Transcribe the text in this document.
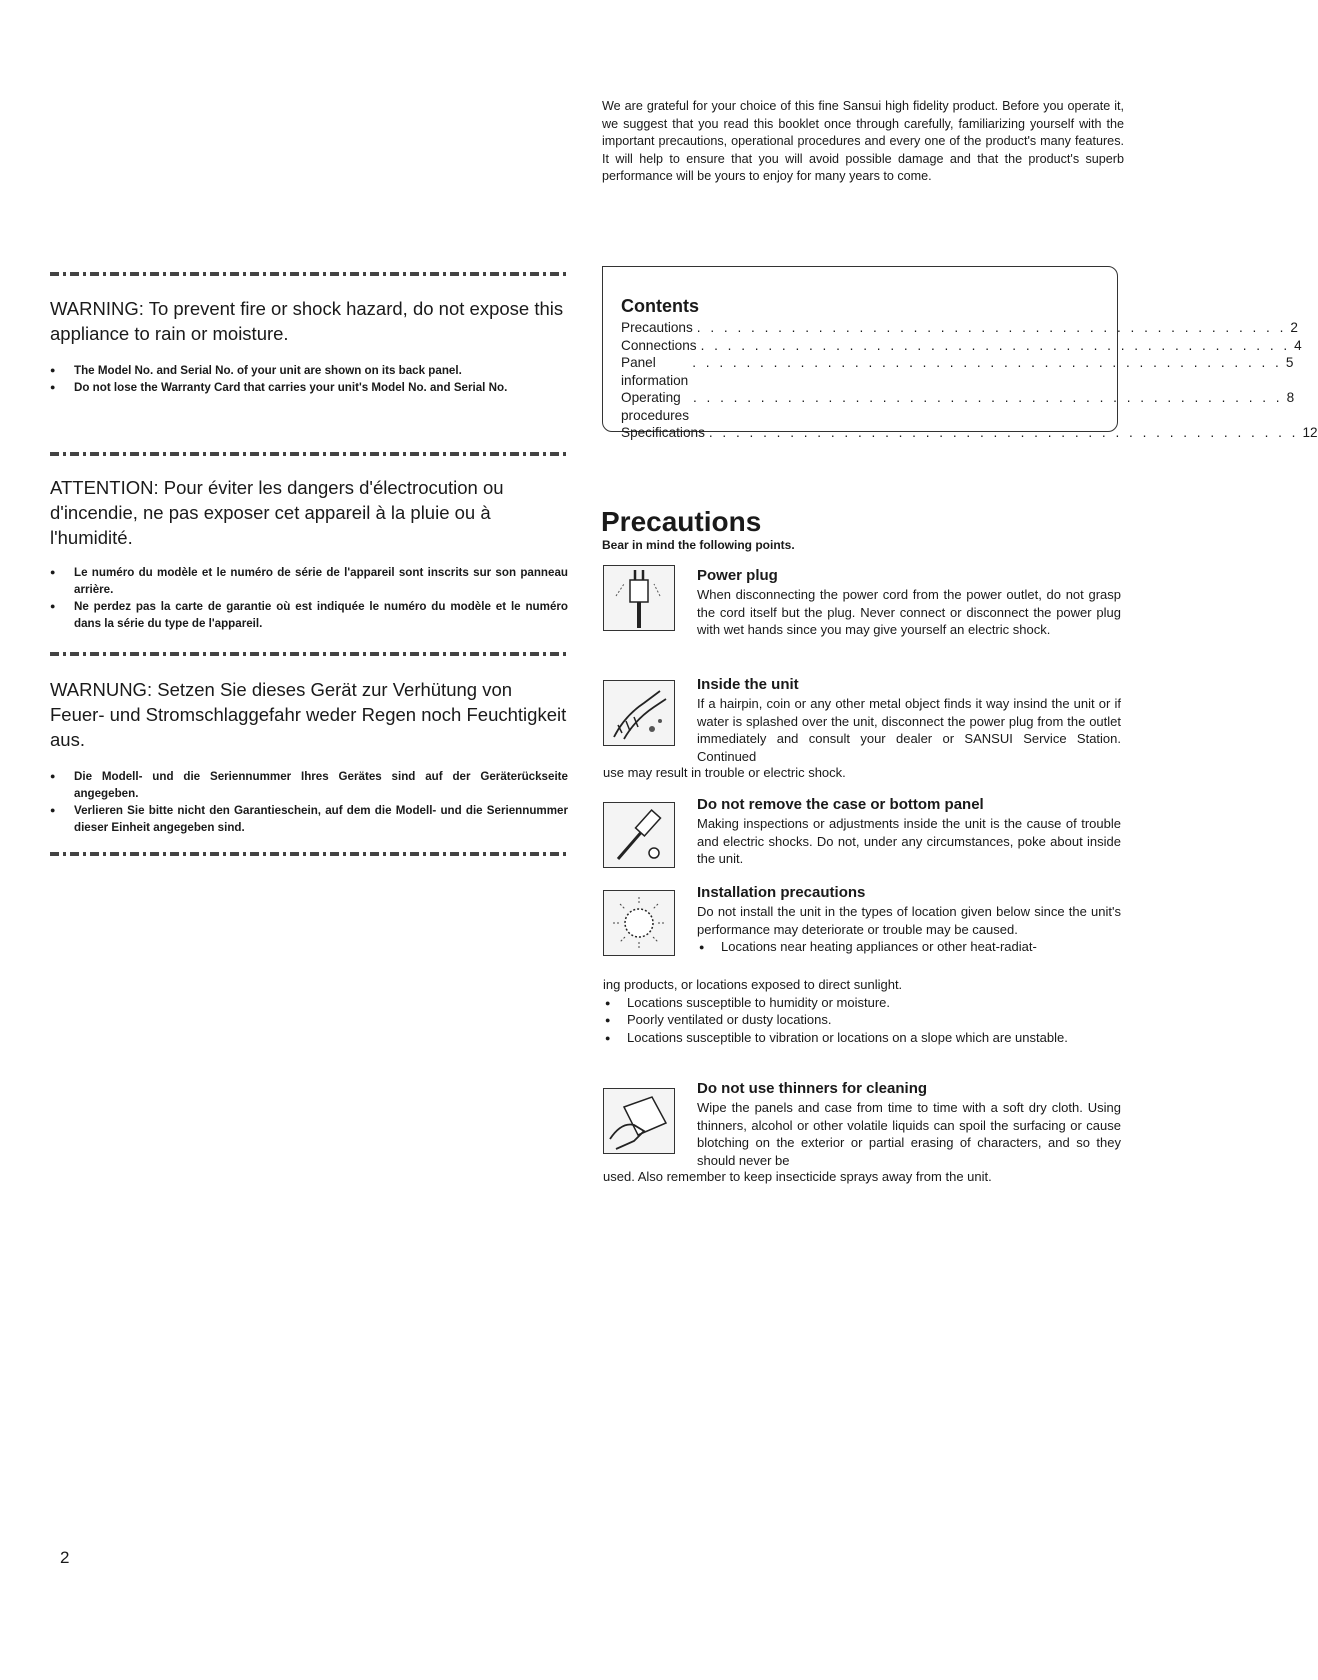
We are grateful for your choice of this fine Sansui high fidelity product. Before you operate it, we suggest that you read this booklet once through carefully, familiarizing yourself with the important precautions, operational procedures and every one of the product's many features. It will help to ensure that you will avoid possible damage and that the product's superb performance will be yours to enjoy for many years to come.
WARNING: To prevent fire or shock hazard, do not expose this appliance to rain or moisture.
● The Model No. and Serial No. of your unit are shown on its back panel.
● Do not lose the Warranty Card that carries your unit's Model No. and Serial No.
ATTENTION: Pour éviter les dangers d'électrocution ou d'incendie, ne pas exposer cet appareil à la pluie ou à l'humidité.
● Le numéro du modèle et le numéro de série de l'appareil sont inscrits sur son panneau arrière.
● Ne perdez pas la carte de garantie où est indiquée le numéro du modèle et le numéro dans la série du type de l'appareil.
WARNUNG: Setzen Sie dieses Gerät zur Verhütung von Feuer- und Stromschlaggefahr weder Regen noch Feuchtigkeit aus.
● Die Modell- und die Seriennummer Ihres Gerätes sind auf der Geräterückseite angegeben.
● Verlieren Sie bitte nicht den Garantieschein, auf dem die Modell- und die Seriennummer dieser Einheit angegeben sind.
Contents
Precautions . . . . . . . . . . . . . . . . . . . . . . . . . . . . . . . . . . . . . . . . . . . . 2
Connections . . . . . . . . . . . . . . . . . . . . . . . . . . . . . . . . . . . . . . . . . . . . 4
Panel information
. . . . . . . . . . . . . . . . . . . . . . . . . . . . . . . . . . . . . . . . . . . . 5
Operating procedures
. . . . . . . . . . . . . . . . . . . . . . . . . . . . . . . . . . . . . . . . . . . . 8
Specifications . . . . . . . . . . . . . . . . . . . . . . . . . . . . . . . . . . . . . . . . . . . . 12
Precautions
Bear in mind the following points.
Power plug
When disconnecting the power cord from the power outlet, do not grasp the cord itself but the plug. Never connect or disconnect the power plug with wet hands since you may give yourself an electric shock.
Inside the unit
If a hairpin, coin or any other metal object finds it way insind the unit or if water is splashed over the unit, disconnect the power plug from the outlet immediately and consult your dealer or SANSUI Service Station. Continued
use may result in trouble or electric shock.
Do not remove the case or bottom panel
Making inspections or adjustments inside the unit is the cause of trouble and electric shocks. Do not, under any circumstances, poke about inside the unit.
Installation precautions
Do not install the unit in the types of location given below since the unit's performance may deteriorate or trouble may be caused.
● Locations near heating appliances or other heat-radiat-
ing products, or locations exposed to direct sunlight.
● Locations susceptible to humidity or moisture.
● Poorly ventilated or dusty locations.
● Locations susceptible to vibration or locations on a slope which are unstable.
Do not use thinners for cleaning
Wipe the panels and case from time to time with a soft dry cloth. Using thinners, alcohol or other volatile liquids can spoil the surfacing or cause blotching on the exterior or partial erasing of characters, and so they should never be
used. Also remember to keep insecticide sprays away from the unit.
2
